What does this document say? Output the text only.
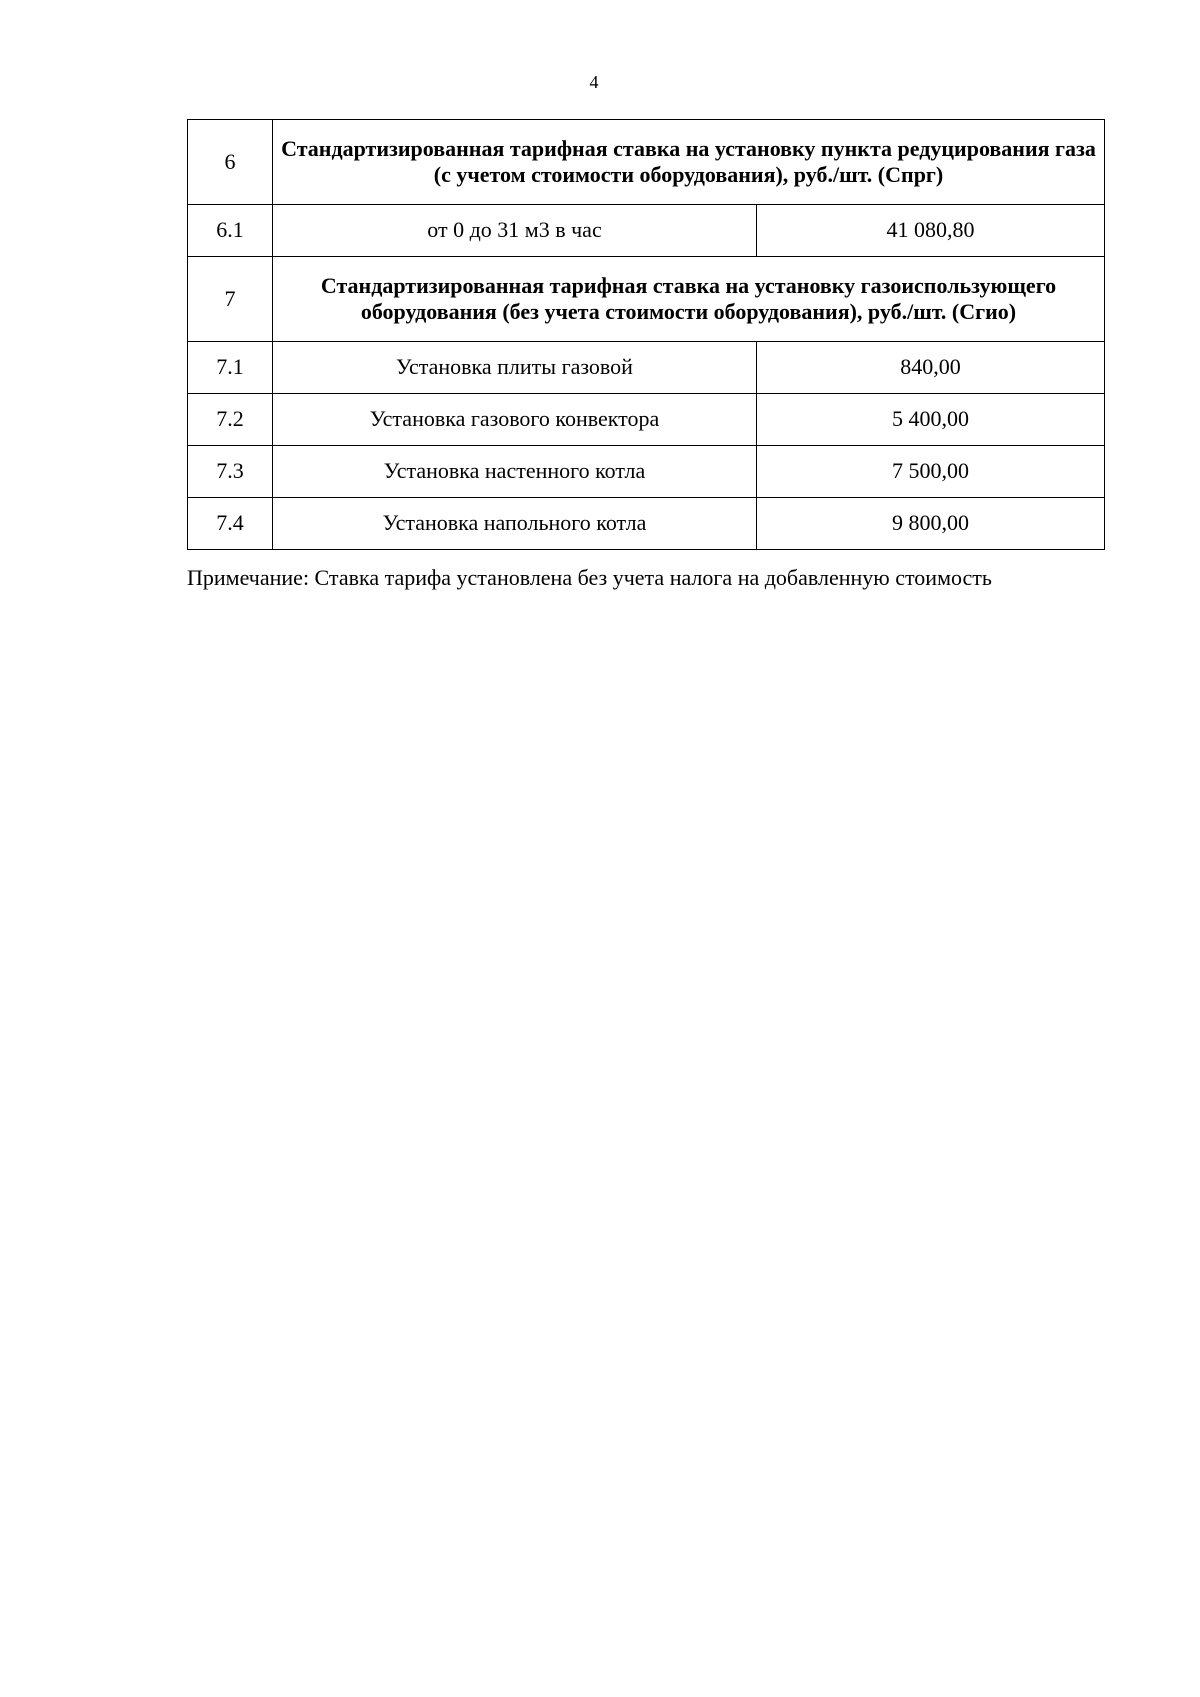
4
6	Стандартизированная тарифная ставка на установку пункта редуцирования газа (с учетом стоимости оборудования), руб./шт. (Спрг)	
6.1	от 0 до 31 м3 в час	41 080,80
7	Стандартизированная тарифная ставка на установку газоиспользующего оборудования (без учета стоимости оборудования), руб./шт. (Сгио)	
7.1	Установка плиты газовой	840,00
7.2	Установка газового конвектора	5 400,00
7.3	Установка настенного котла	7 500,00
7.4	Установка напольного котла	9 800,00
Примечание: Ставка тарифа установлена без учета налога на добавленную стоимость
